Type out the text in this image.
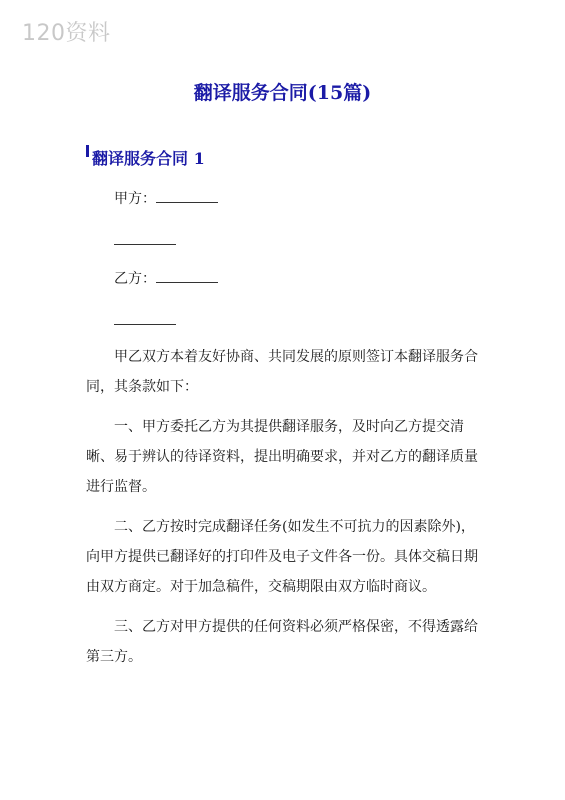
120资料
翻译服务合同(15篇)
翻译服务合同 1
甲方：
乙方：
甲乙双方本着友好协商、共同发展的原则签订本翻译服务合同，其条款如下：
一、甲方委托乙方为其提供翻译服务，及时向乙方提交清晰、易于辨认的待译资料，提出明确要求，并对乙方的翻译质量进行监督。
二、乙方按时完成翻译任务(如发生不可抗力的因素除外)，向甲方提供已翻译好的打印件及电子文件各一份。具体交稿日期由双方商定。对于加急稿件，交稿期限由双方临时商议。
三、乙方对甲方提供的任何资料必须严格保密，不得透露给第三方。
